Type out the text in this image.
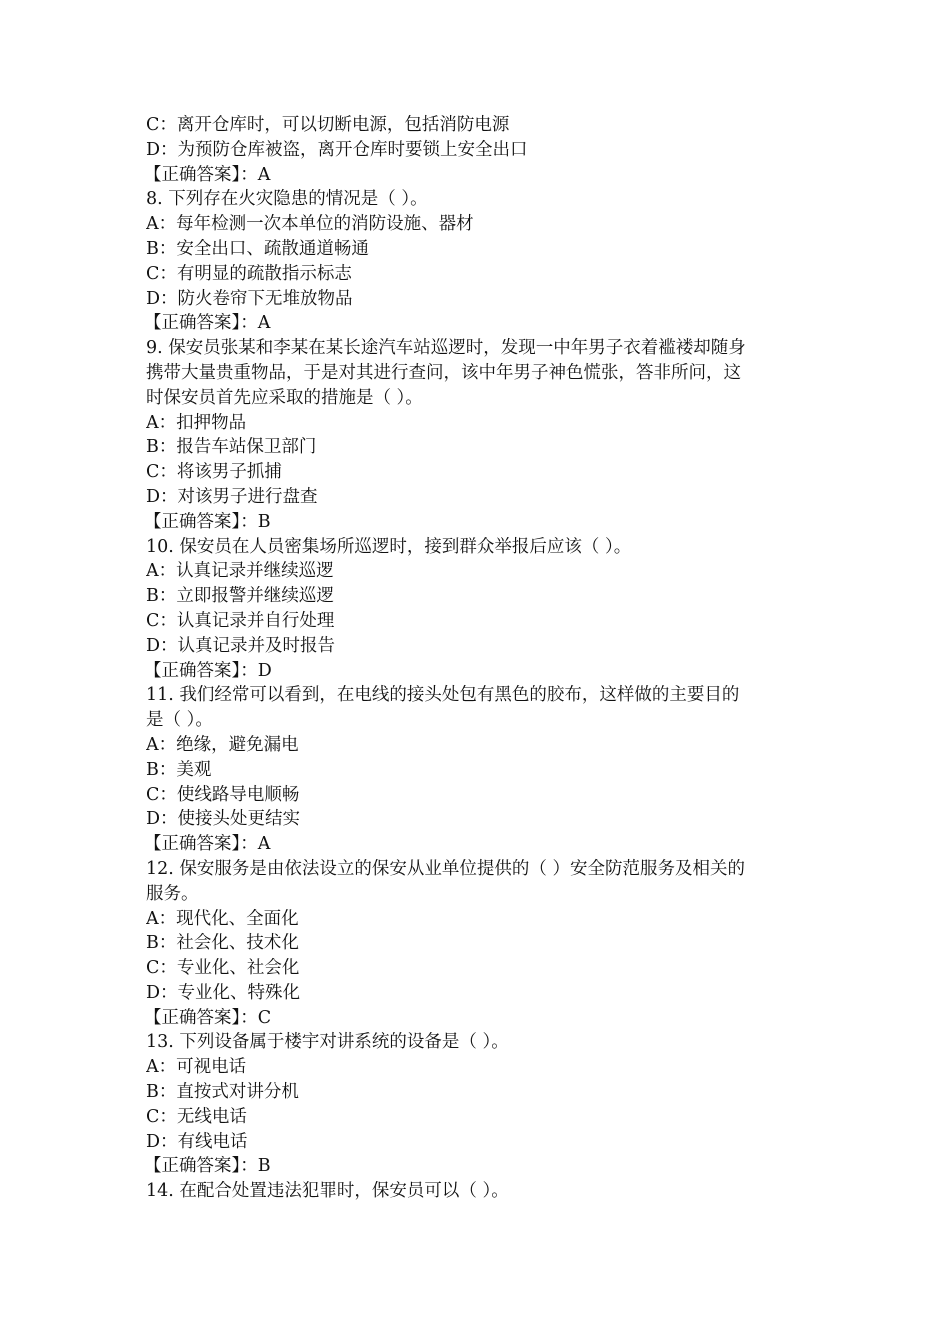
C：离开仓库时，可以切断电源，包括消防电源
D：为预防仓库被盗，离开仓库时要锁上安全出口
【正确答案】：A
8. 下列存在火灾隐患的情况是（ ）。
A：每年检测一次本单位的消防设施、器材
B：安全出口、疏散通道畅通
C：有明显的疏散指示标志
D：防火卷帘下无堆放物品
【正确答案】：A
9. 保安员张某和李某在某长途汽车站巡逻时，发现一中年男子衣着褴褛却随身
携带大量贵重物品，于是对其进行查问，该中年男子神色慌张，答非所问，这
时保安员首先应采取的措施是（ ）。
A：扣押物品
B：报告车站保卫部门
C：将该男子抓捕
D：对该男子进行盘查
【正确答案】：B
10. 保安员在人员密集场所巡逻时，接到群众举报后应该（ ）。
A：认真记录并继续巡逻
B：立即报警并继续巡逻
C：认真记录并自行处理
D：认真记录并及时报告
【正确答案】：D
11. 我们经常可以看到，在电线的接头处包有黑色的胶布，这样做的主要目的
是（ ）。
A：绝缘，避免漏电
B：美观
C：使线路导电顺畅
D：使接头处更结实
【正确答案】：A
12. 保安服务是由依法设立的保安从业单位提供的（ ）安全防范服务及相关的
服务。
A：现代化、全面化
B：社会化、技术化
C：专业化、社会化
D：专业化、特殊化
【正确答案】：C
13. 下列设备属于楼宇对讲系统的设备是（ ）。
A：可视电话
B：直按式对讲分机
C：无线电话
D：有线电话
【正确答案】：B
14. 在配合处置违法犯罪时，保安员可以（ ）。
